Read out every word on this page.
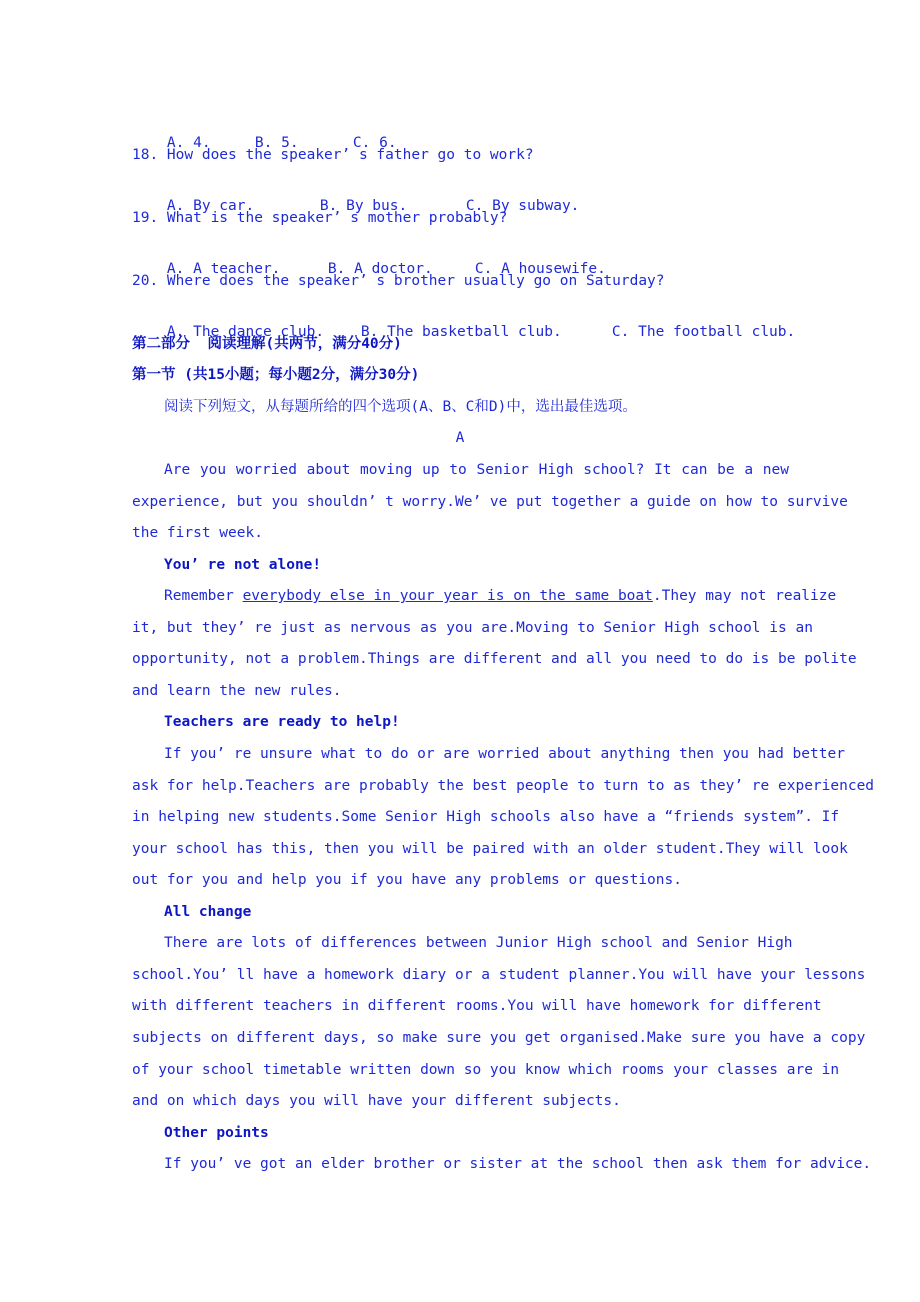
A. 4.	B. 5.	C. 6.

18. How does the speaker’ s father go to work?

A. By car.	B. By bus.	C. By subway.

19. What is the speaker’ s mother probably?

A. A teacher.	B. A doctor.	C. A housewife.

20. Where does the speaker’ s brother usually go on Saturday?

A. The dance club.	B. The basketball club.	C. The football club.

第二部分  阅读理解(共两节，满分40分)
第一节 (共15小题；每小题2分，满分30分)
阅读下列短文，从每题所给的四个选项(A、B、C和D)中，选出最佳选项。
A
Are you worried about moving up to Senior High school? It can be a new
experience, but you shouldn’ t worry.We’ ve put together a guide on how to survive
the first week.
You’ re not alone!
Remember everybody else in your year is on the same boat.They may not realize
it, but they’ re just as nervous as you are.Moving to Senior High school is an
opportunity, not a problem.Things are different and all you need to do is be polite
and learn the new rules.
Teachers are ready to help!
If you’ re unsure what to do or are worried about anything then you had better
ask for help.Teachers are probably the best people to turn to as they’ re experienced
in helping new students.Some Senior High schools also have a “friends system”. If
your school has this, then you will be paired with an older student.They will look
out for you and help you if you have any problems or questions.
All change
There are lots of differences between Junior High school and Senior High
school.You’ ll have a homework diary or a student planner.You will have your lessons
with different teachers in different rooms.You will have homework for different
subjects on different days, so make sure you get organised.Make sure you have a copy
of your school timetable written down so you know which rooms your classes are in
and on which days you will have your different subjects.
Other points
If you’ ve got an elder brother or sister at the school then ask them for advice.
